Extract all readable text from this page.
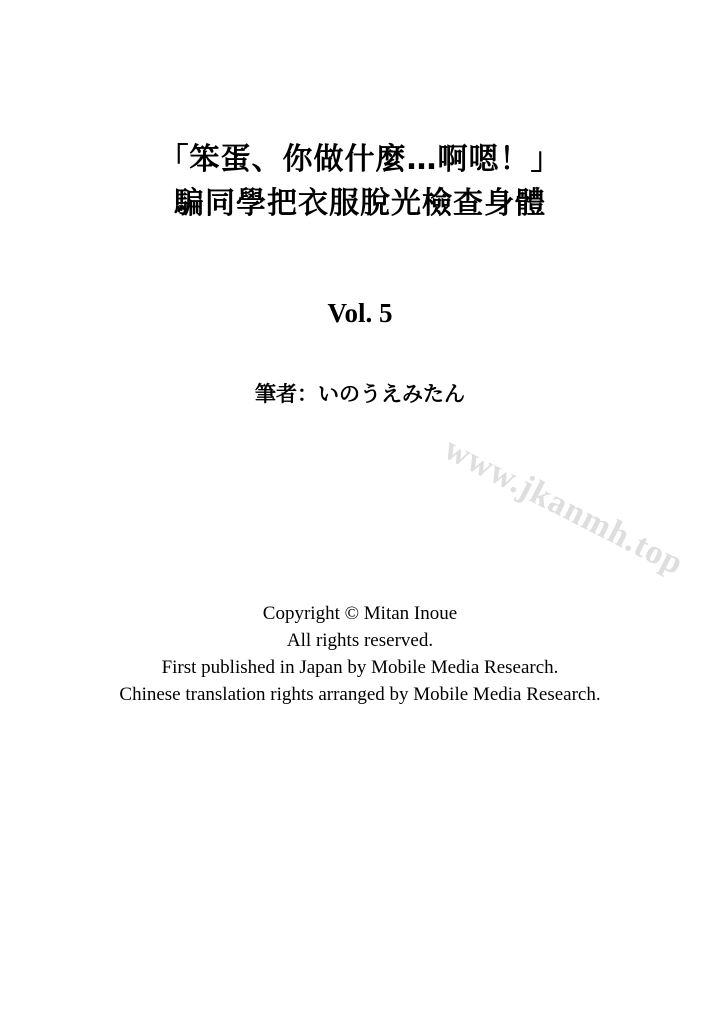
「笨蛋、你做什麼…啊嗯！」
騙同學把衣服脫光檢查身體
Vol. 5
筆者：いのうえみたん
www.jkanmh.top
Copyright © Mitan Inoue
All rights reserved.
First published in Japan by Mobile Media Research.
Chinese translation rights arranged by Mobile Media Research.
